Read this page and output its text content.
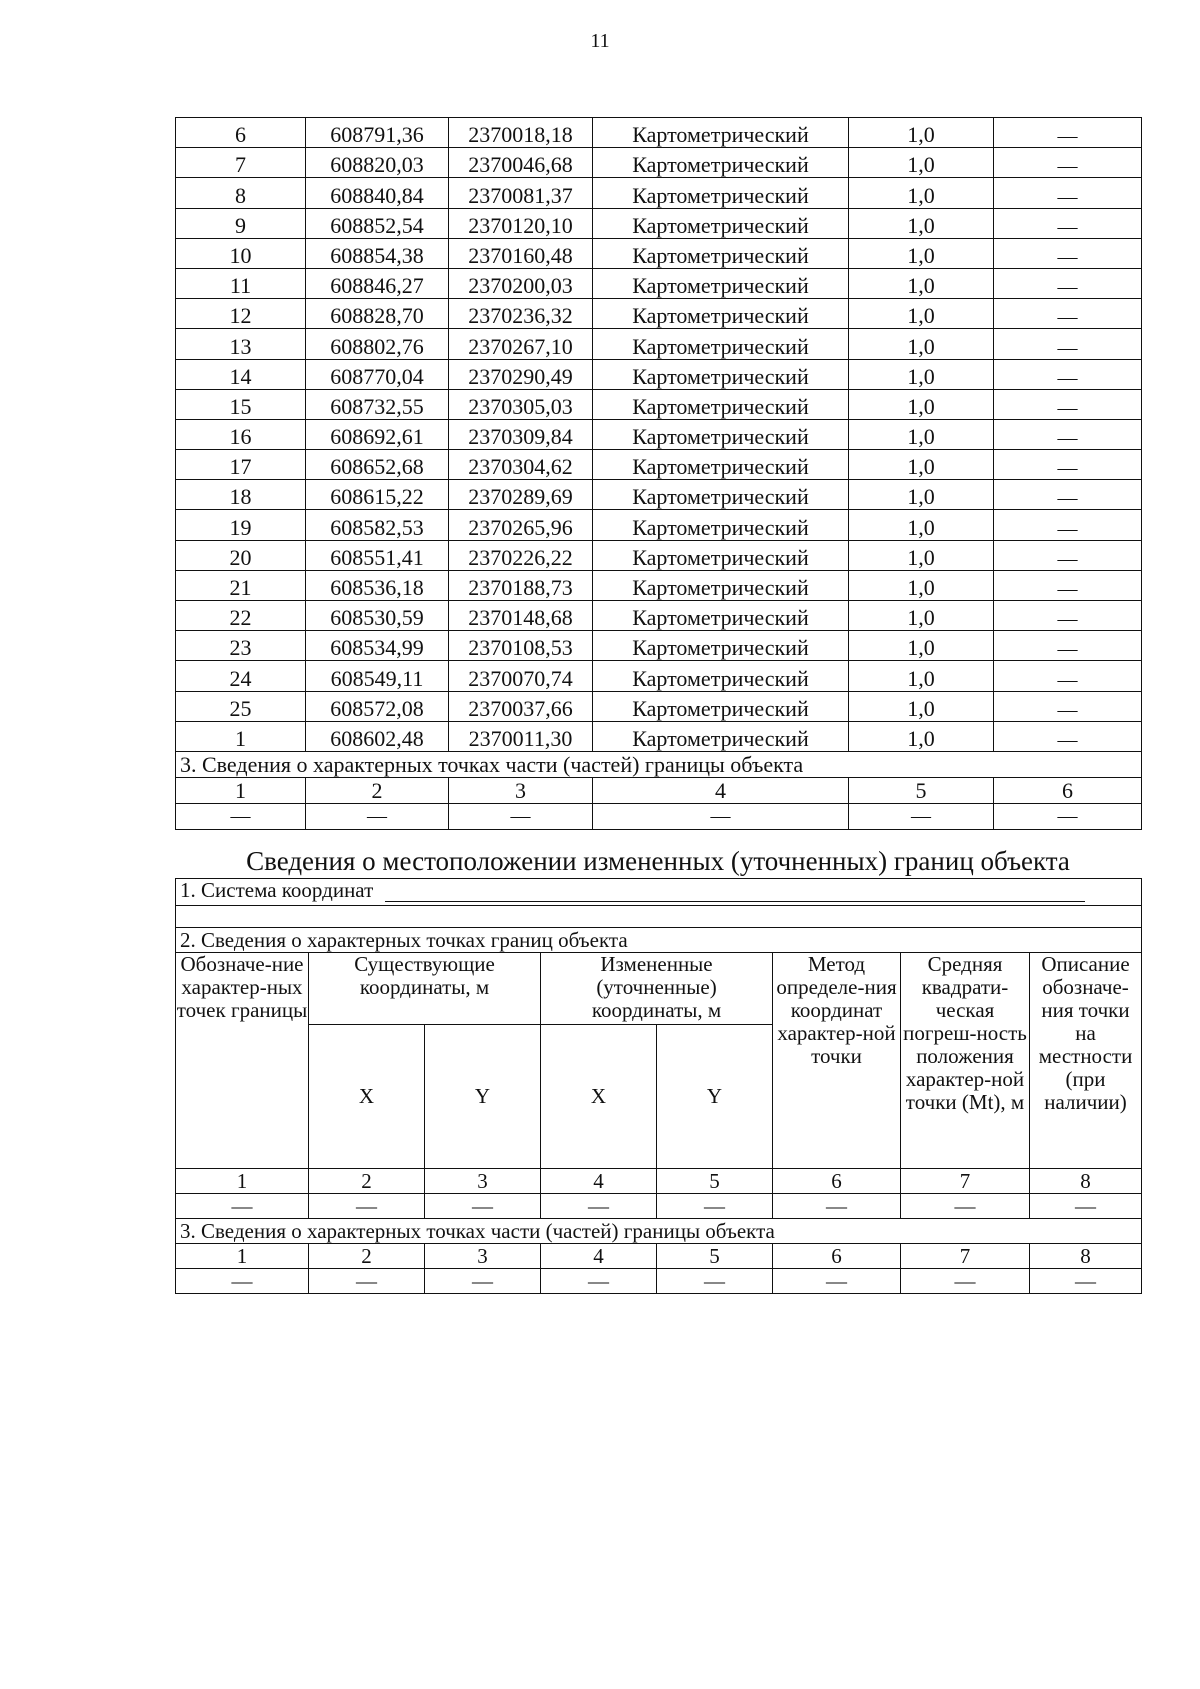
11
6	608791,36	2370018,18	Картометрический	1,0	—
7	608820,03	2370046,68	Картометрический	1,0	—
8	608840,84	2370081,37	Картометрический	1,0	—
9	608852,54	2370120,10	Картометрический	1,0	—
10	608854,38	2370160,48	Картометрический	1,0	—
11	608846,27	2370200,03	Картометрический	1,0	—
12	608828,70	2370236,32	Картометрический	1,0	—
13	608802,76	2370267,10	Картометрический	1,0	—
14	608770,04	2370290,49	Картометрический	1,0	—
15	608732,55	2370305,03	Картометрический	1,0	—
16	608692,61	2370309,84	Картометрический	1,0	—
17	608652,68	2370304,62	Картометрический	1,0	—
18	608615,22	2370289,69	Картометрический	1,0	—
19	608582,53	2370265,96	Картометрический	1,0	—
20	608551,41	2370226,22	Картометрический	1,0	—
21	608536,18	2370188,73	Картометрический	1,0	—
22	608530,59	2370148,68	Картометрический	1,0	—
23	608534,99	2370108,53	Картометрический	1,0	—
24	608549,11	2370070,74	Картометрический	1,0	—
25	608572,08	2370037,66	Картометрический	1,0	—
1	608602,48	2370011,30	Картометрический	1,0	—
3. Сведения о характерных точках части (частей) границы объекта					
1	2	3	4	5	6
—	—	—	—	—	—
Сведения о местоположении измененных (уточненных) границ объекта
1. Система координат							

2. Сведения о характерных точках границ объекта							
Обозначе-ние характер-ных точек границы	Существующие координаты, м		Измененные (уточненные) координаты, м		Метод определе-ния координат характер-ной точки	Средняя квадрати-ческая погреш-ность положения характер-ной точки (Mt), м	Описание обозначе-ния точки на местности (при наличии)
	X	Y	X	Y			
1	2	3	4	5	6	7	8
—	—	—	—	—	—	—	—
3. Сведения о характерных точках части (частей) границы объекта							
1	2	3	4	5	6	7	8
—	—	—	—	—	—	—	—
